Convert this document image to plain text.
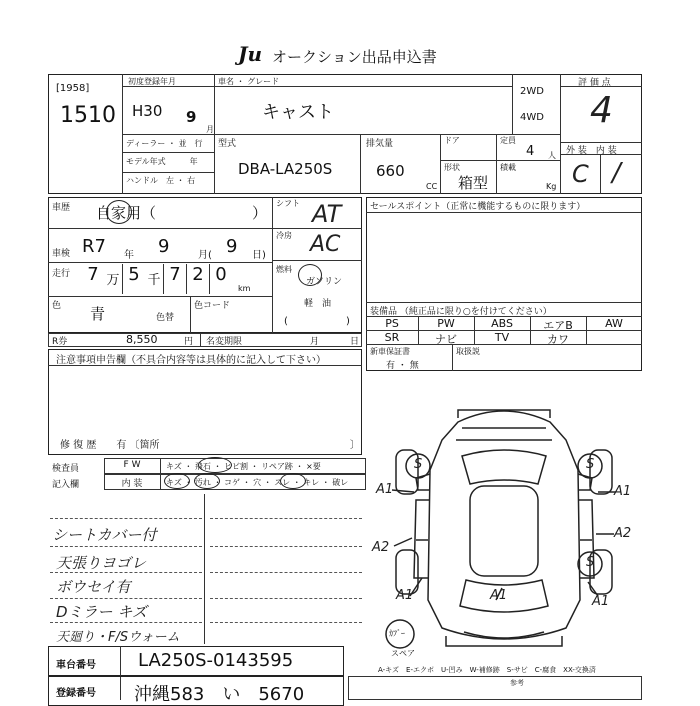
Ju オークション出品申込書
[1958]
1510
初度登録年月
H30 9
月
車名 ・ グレード
キャスト
2WD
4WD
評 価 点
4
ディーラー ・ 並　行
モデル年式　　　年
ハンドル　左 ・ 右
型式
DBA-LA250S
排気量
660
CC
ドア	定員
4 人
形状
箱型
積載
Kg
外 装　内 装
C /
車歴 自家用（	）
車検 R7 年 9	月( 9 日)
走行 7 万 5 千 7 2 0
km
色 青	色替
色コード
シフト AT
冷房 AC
燃料
ガソリン
軽　油
(	)
R券	8,550	円 名変期限	月	日
セールスポイント（正常に機能するものに限ります）
装備品 （純正品に限り○を付けてください）
PS	PW	ABS	エアB	AW
SR	ナビ	TV	カワ
新車保証書
有 ・ 無
取扱説
注意事項申告欄（不具合内容等は具体的に記入して下さい）
修 復 歴　　有 〔箇所	〕
検査員
記入欄
F W
内 装
キズ ・ 飛石 ・ ヒビ割 ・ リペア跡 ・ ×要
キズ ・ 汚れ ・ コゲ ・ 穴 ・ スレ ・ キレ ・ 破レ
シートカバー付
天張りヨゴレ
ボウセイ有
Dミラー キズ
天廻り・F/Sウォーム
S	S
S
A1	A1
A2
A2
A1	A1
A1
ｶﾌﾞｰ
スペア
車台番号 LA250S-0143595
登録番号 沖縄583　い　5670
A-キズ　E-エクボ　U-凹み　W-補修跡　S-サビ　C-腐食　XX-交換済
参考
